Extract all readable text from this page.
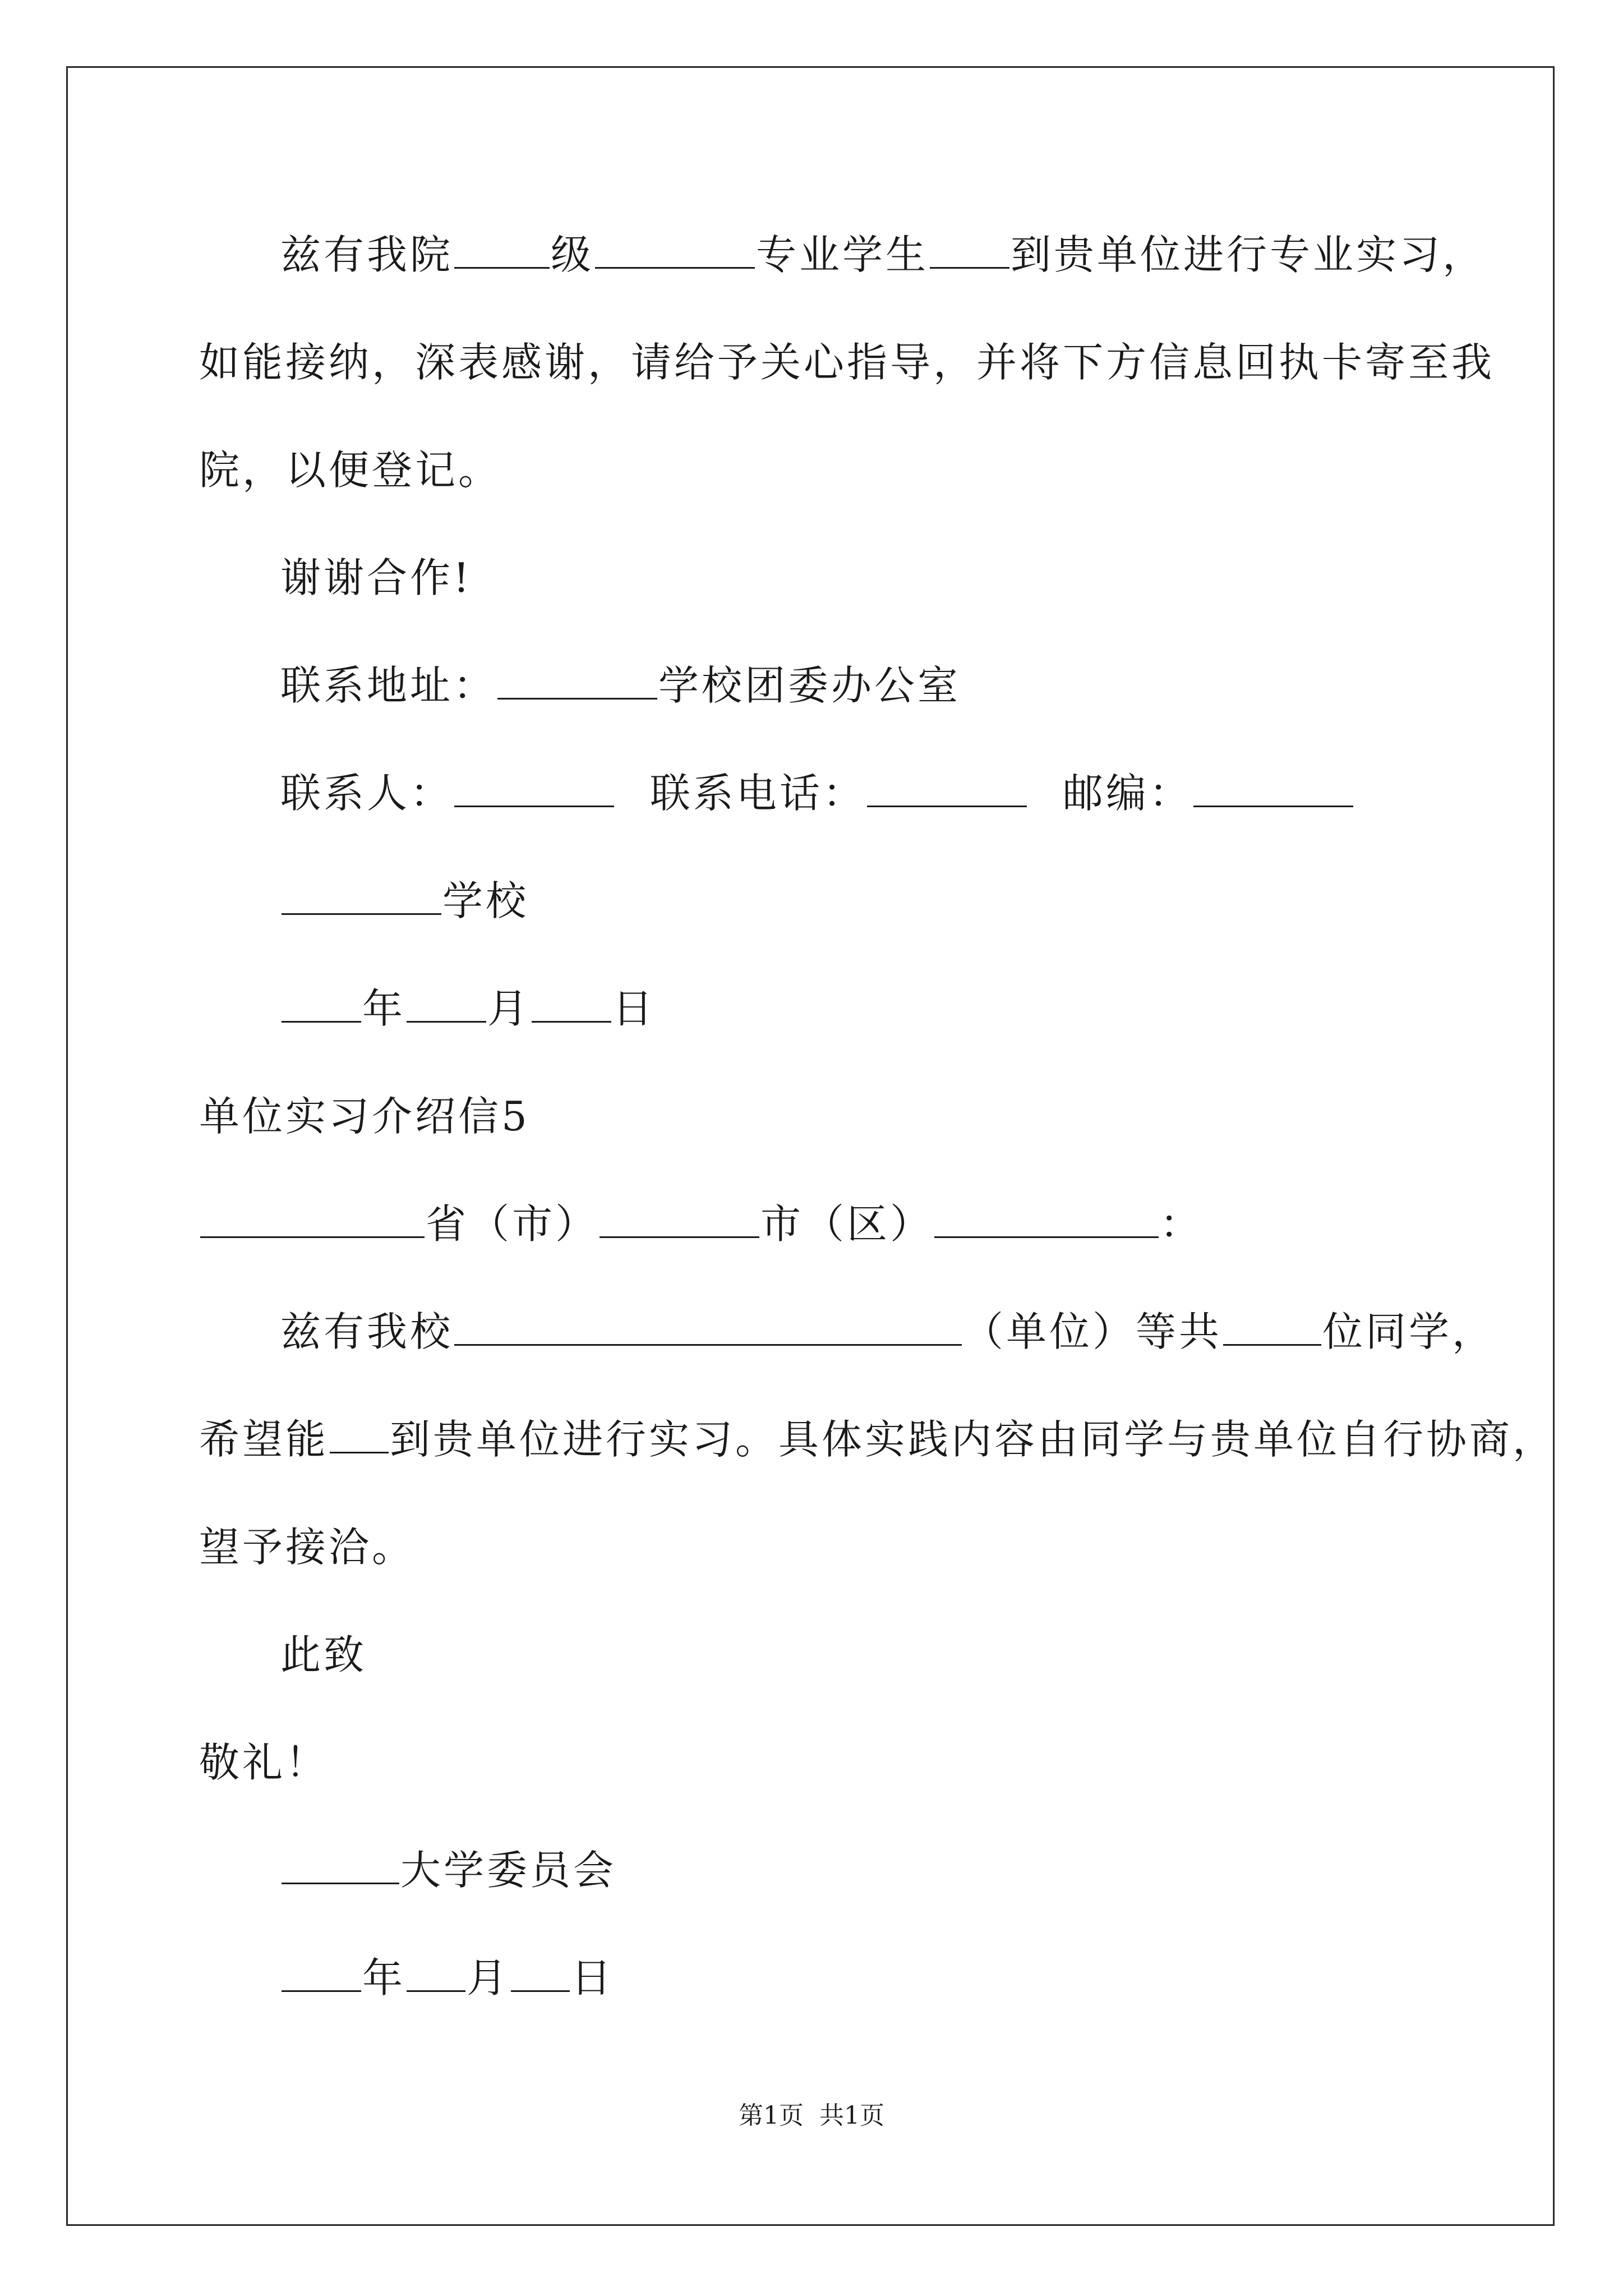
兹有我院 级	专业学生 到贵单位进行专业实习，
如能接纳，深表感谢，请给予关心指导，并将下方信息回执卡寄至我
院，以便登记。
谢谢合作!
联系地址：	学校团委办公室
联系人：	联系电话：	邮编：
学校
年 月 日
单位实习介绍信5
省（市）	市（区）	：
兹有我校	（单位）等共 位同学，
希望能 到贵单位进行实习。具体实践内容由同学与贵单位自行协商，
望予接洽。
此致
敬礼！
大学委员会
年 月 日
第1页 共1页
